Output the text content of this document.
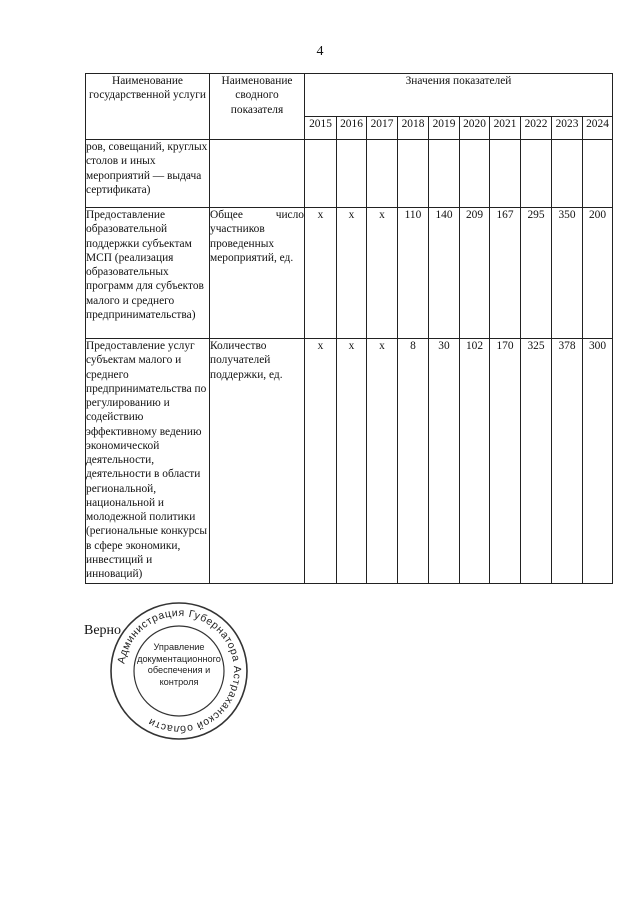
4
Наименование государственной услуги	Наименование сводного показателя	Значения показателей									
		2015	2016	2017	2018	2019	2020	2021	2022	2023	2024
ров, совещаний, круглых столов и иных мероприятий — выдача сертификата)											
Предоставление образовательной поддержки субъектам МСП (реализация образовательных программ для субъектов малого и среднего предпринимательства)	Общее число участников проведенных мероприятий, ед.	х	х	х	110	140	209	167	295	350	200
Предоставление услуг субъектам малого и среднего предпринимательства по регулированию и содействию эффективному ведению экономической деятельности, деятельности в области региональной, национальной и молодежной политики (региональные конкурсы в сфере экономики, инвестиций и инноваций)	Количество получателей поддержки, ед.	х	х	х	8	30	102	170	325	378	300
Верно
Администрация Губернатора Астраханской области
Управление документационного обеспечения и контроля
